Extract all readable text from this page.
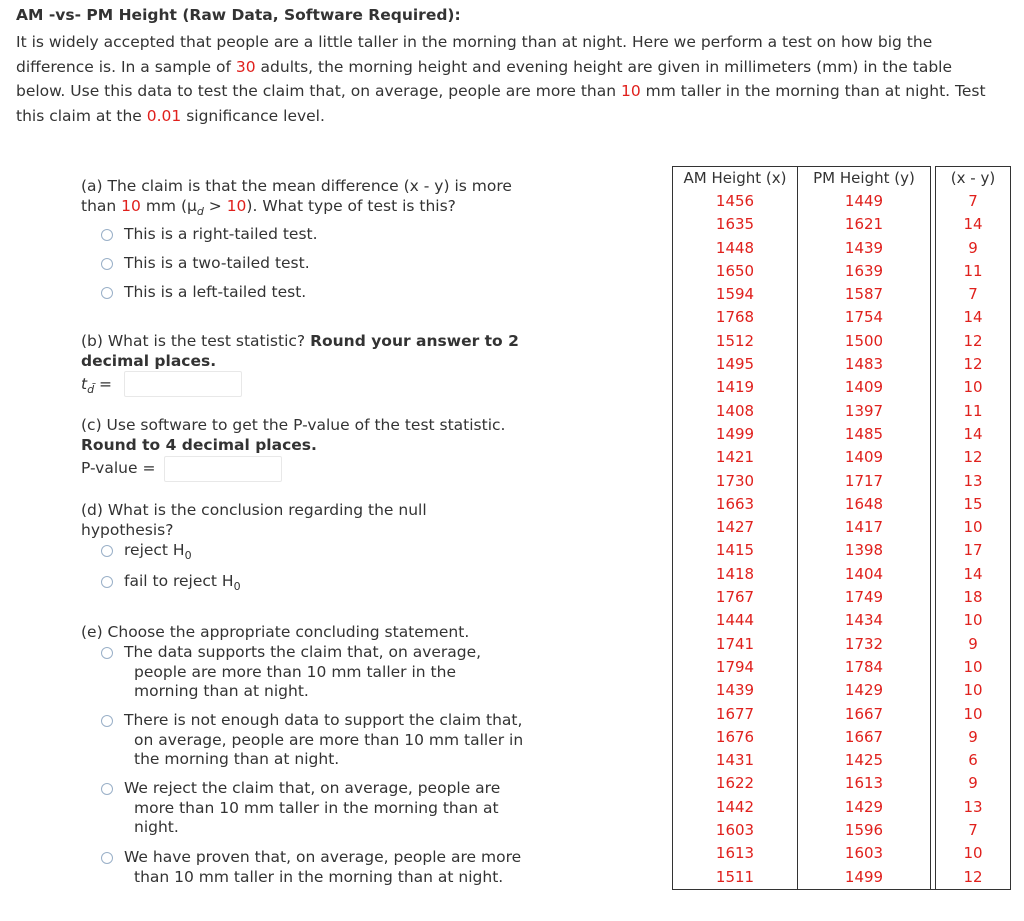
AM -vs- PM Height (Raw Data, Software Required):
It is widely accepted that people are a little taller in the morning than at night. Here we perform a test on how big the difference is. In a sample of 30 adults, the morning height and evening height are given in millimeters (mm) in the table below. Use this data to test the claim that, on average, people are more than 10 mm taller in the morning than at night. Test this claim at the 0.01 significance level.
(a) The claim is that the mean difference (x - y) is more than 10 mm $(\mu_d > 10)$. What type of test is this?
This is a right-tailed test.
This is a two-tailed test.
This is a left-tailed test.
(b) What is the test statistic? Round your answer to 2 decimal places.
$t_{d̄}$ =
(c) Use software to get the P-value of the test statistic. Round to 4 decimal places.
P-value =
(d) What is the conclusion regarding the null hypothesis?
reject $H_0$
fail to reject $H_0$
(e) Choose the appropriate concluding statement.
The data supports the claim that, on average, people are more than 10 mm taller in the morning than at night.
There is not enough data to support the claim that, on average, people are more than 10 mm taller in the morning than at night.
We reject the claim that, on average, people are more than 10 mm taller in the morning than at night.
We have proven that, on average, people are more than 10 mm taller in the morning than at night.
AM Height (x)	PM Height (y)		(x - y)
1456	1449		7
1635	1621		14
1448	1439		9
1650	1639		11
1594	1587		7
1768	1754		14
1512	1500		12
1495	1483		12
1419	1409		10
1408	1397		11
1499	1485		14
1421	1409		12
1730	1717		13
1663	1648		15
1427	1417		10
1415	1398		17
1418	1404		14
1767	1749		18
1444	1434		10
1741	1732		9
1794	1784		10
1439	1429		10
1677	1667		10
1676	1667		9
1431	1425		6
1622	1613		9
1442	1429		13
1603	1596		7
1613	1603		10
1511	1499		12
